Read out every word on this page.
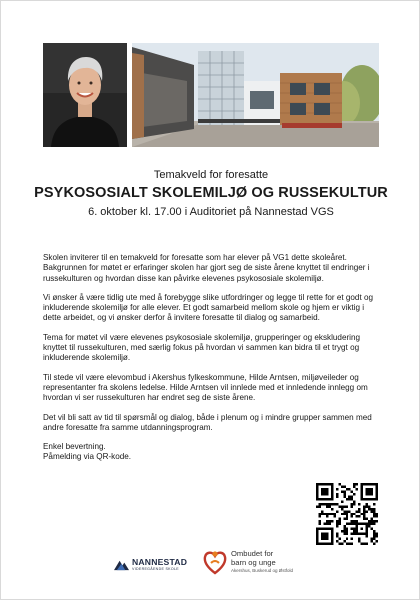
Temakveld for foresatte
PSYKOSOSIALT SKOLEMILJØ OG RUSSEKULTUR
6. oktober kl. 17.00 i Auditoriet på Nannestad VGS

Skolen inviterer til en temakveld for foresatte som har elever på VG1 dette skoleåret. Bakgrunnen for møtet er erfaringer skolen har gjort seg de siste årene knyttet til endringer i russekulturen og hvordan disse kan påvirke elevenes psykososiale skolemiljø.

Vi ønsker å være tidlig ute med å forebygge slike utfordringer og legge til rette for et godt og inkluderende skolemiljø for alle elever. Et godt samarbeid mellom skole og hjem er viktig i dette arbeidet, og vi ønsker derfor å invitere foresatte til dialog og samarbeid.

Tema for møtet vil være elevenes psykososiale skolemiljø, grupperinger og ekskludering knyttet til russekulturen, med særlig fokus på hvordan vi sammen kan bidra til et trygt og inkluderende skolemiljø.

Til stede vil være elevombud i Akershus fylkeskommune, Hilde Arntsen, miljøveileder og representanter fra skolens ledelse. Hilde Arntsen vil innlede med et innledende innlegg om hvordan vi ser russekulturen har endret seg de siste årene.

Det vil bli satt av tid til spørsmål og dialog, både i plenum og i mindre grupper sammen med andre foresatte fra samme utdanningsprogram.

Enkel bevertning.

Påmelding via QR-kode.

NANNESTAD
VIDEREGÅENDE SKOLE
Ombudet for
barn og unge
Akershus, Buskerud og Østfold
